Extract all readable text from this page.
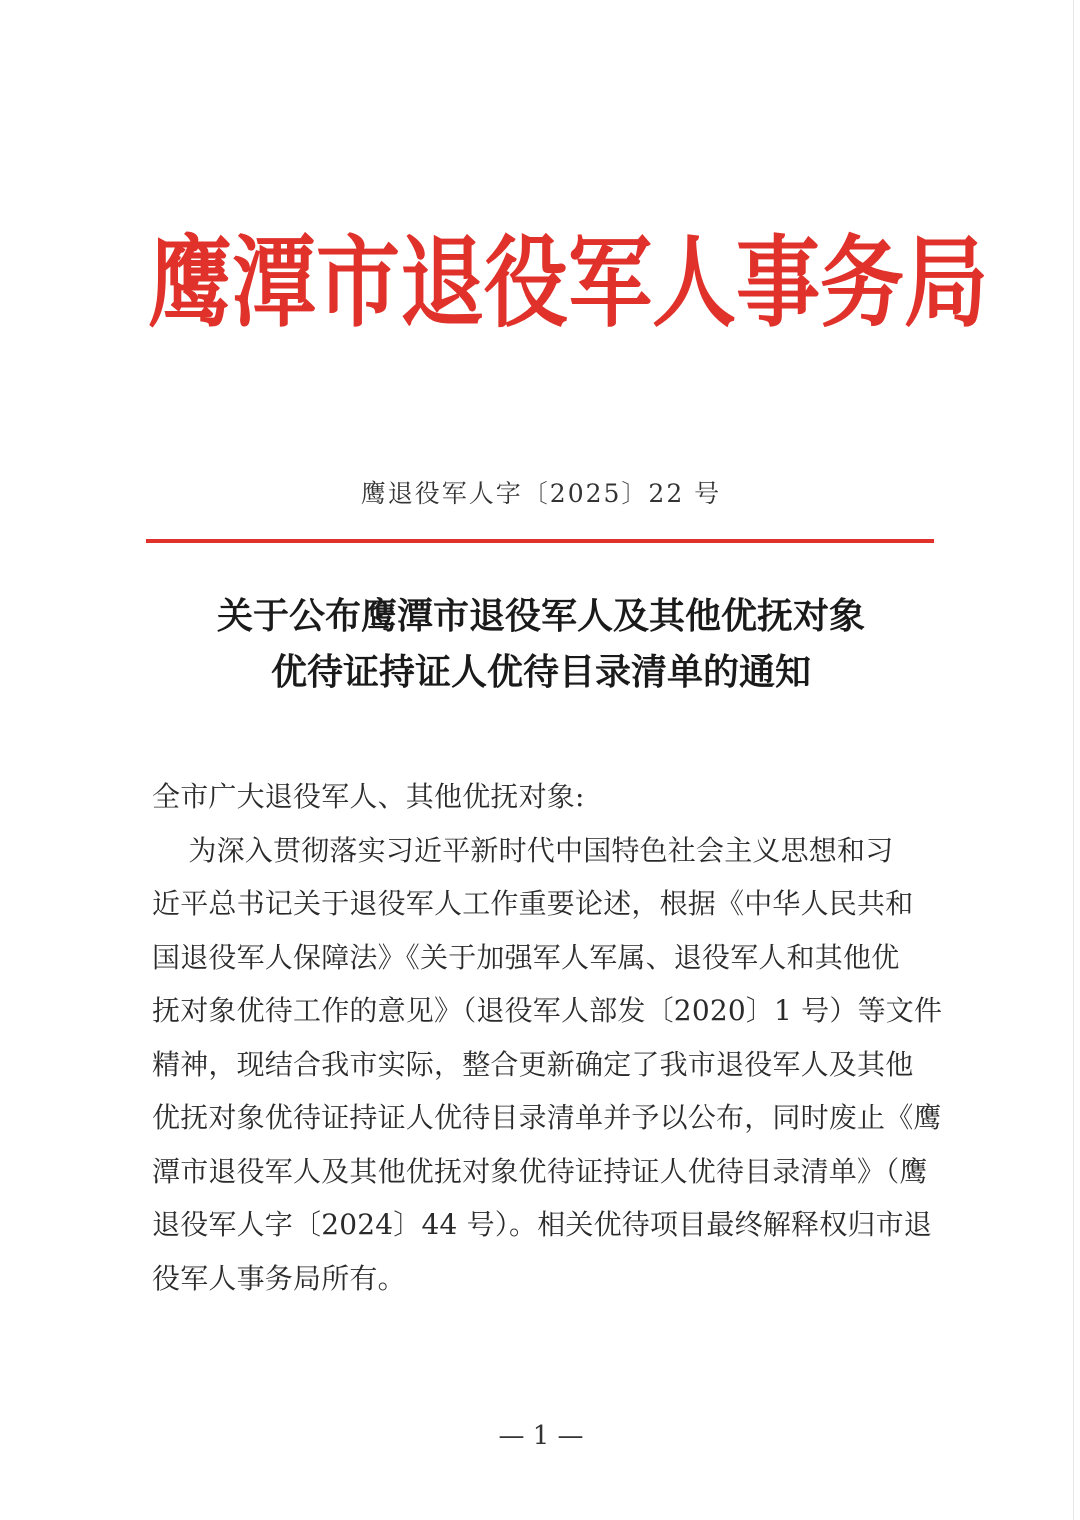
鹰潭市退役军人事务局
鹰退役军人字〔2025〕22 号
关于公布鹰潭市退役军人及其他优抚对象
优待证持证人优待目录清单的通知
全市广大退役军人、其他优抚对象:
为深入贯彻落实习近平新时代中国特色社会主义思想和习
近平总书记关于退役军人工作重要论述，根据《中华人民共和
国退役军人保障法》《关于加强军人军属、退役军人和其他优
抚对象优待工作的意见》（退役军人部发〔2020〕1 号）等文件
精神，现结合我市实际，整合更新确定了我市退役军人及其他
优抚对象优待证持证人优待目录清单并予以公布，同时废止《鹰
潭市退役军人及其他优抚对象优待证持证人优待目录清单》（鹰
退役军人字〔2024〕44 号）。相关优待项目最终解释权归市退
役军人事务局所有。
— 1 —
